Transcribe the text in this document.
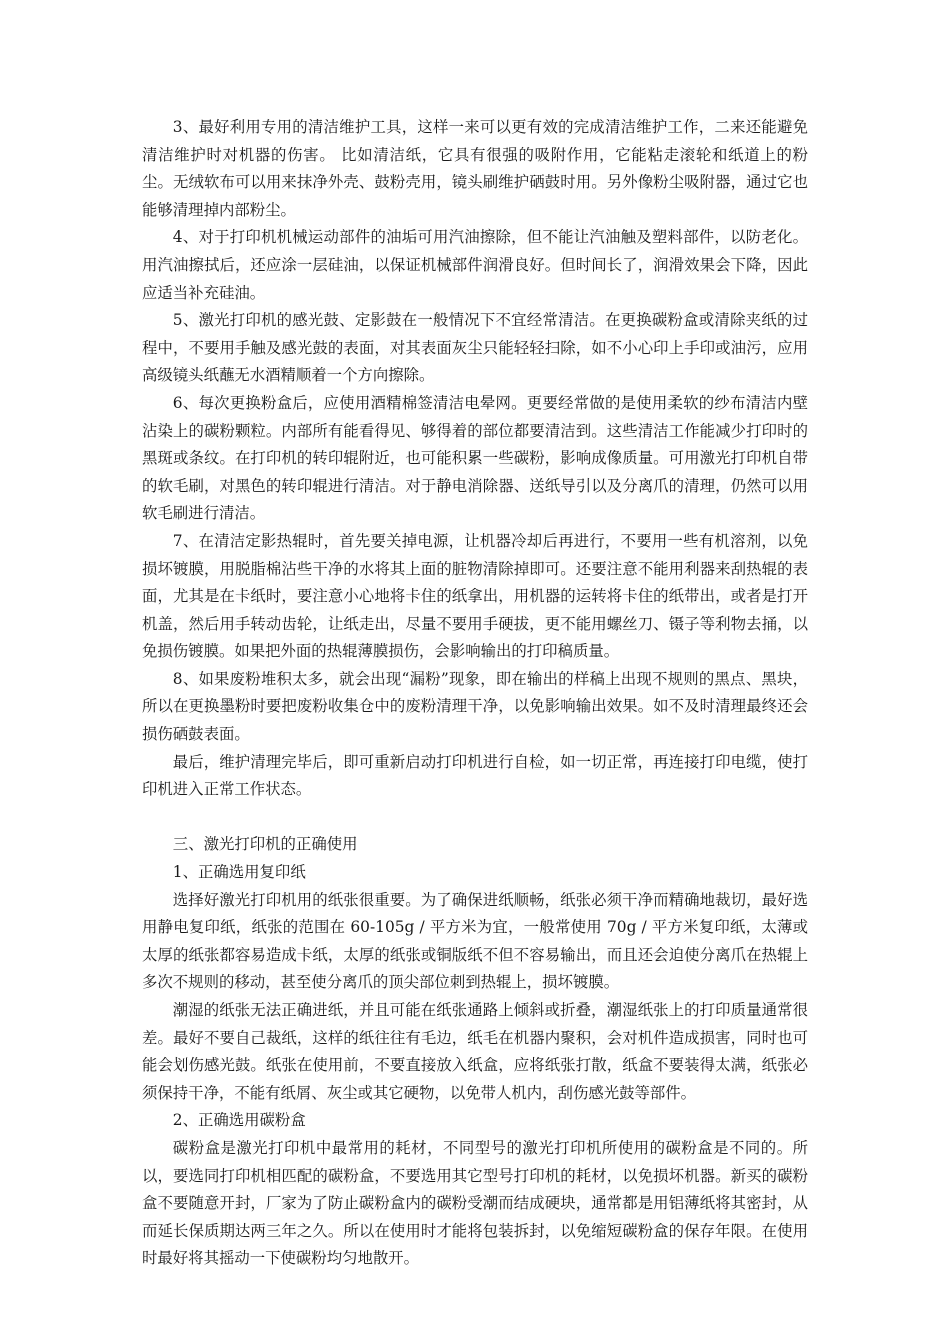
3、最好利用专用的清洁维护工具，这样一来可以更有效的完成清洁维护工作，二来还能避免清洁维护时对机器的伤害。 比如清洁纸，它具有很强的吸附作用，它能粘走滚轮和纸道上的粉尘。无绒软布可以用来抹净外壳、鼓粉壳用，镜头刷维护硒鼓时用。另外像粉尘吸附器，通过它也能够清理掉内部粉尘。

4、对于打印机机械运动部件的油垢可用汽油擦除，但不能让汽油触及塑料部件，以防老化。用汽油擦拭后，还应涂一层硅油，以保证机械部件润滑良好。但时间长了，润滑效果会下降，因此应适当补充硅油。

5、激光打印机的感光鼓、定影鼓在一般情况下不宜经常清洁。在更换碳粉盒或清除夹纸的过程中，不要用手触及感光鼓的表面，对其表面灰尘只能轻轻扫除，如不小心印上手印或油污，应用高级镜头纸蘸无水酒精顺着一个方向擦除。

6、每次更换粉盒后，应使用酒精棉签清洁电晕网。更要经常做的是使用柔软的纱布清洁内壁沾染上的碳粉颗粒。内部所有能看得见、够得着的部位都要清洁到。这些清洁工作能减少打印时的黑斑或条纹。在打印机的转印辊附近，也可能积累一些碳粉，影响成像质量。可用激光打印机自带的软毛刷，对黑色的转印辊进行清洁。对于静电消除器、送纸导引以及分离爪的清理，仍然可以用软毛刷进行清洁。

7、在清洁定影热辊时，首先要关掉电源，让机器冷却后再进行，不要用一些有机溶剂，以免损坏镀膜，用脱脂棉沾些干净的水将其上面的脏物清除掉即可。还要注意不能用利器来刮热辊的表面，尤其是在卡纸时，要注意小心地将卡住的纸拿出，用机器的运转将卡住的纸带出，或者是打开机盖，然后用手转动齿轮，让纸走出，尽量不要用手硬拔，更不能用螺丝刀、镊子等利物去捅，以免损伤镀膜。如果把外面的热辊薄膜损伤，会影响输出的打印稿质量。

8、如果废粉堆积太多，就会出现“漏粉”现象，即在输出的样稿上出现不规则的黑点、黑块，所以在更换墨粉时要把废粉收集仓中的废粉清理干净，以免影响输出效果。如不及时清理最终还会损伤硒鼓表面。

最后，维护清理完毕后，即可重新启动打印机进行自检，如一切正常，再连接打印电缆，使打印机进入正常工作状态。

三、激光打印机的正确使用

1、正确选用复印纸

选择好激光打印机用的纸张很重要。为了确保进纸顺畅，纸张必须干净而精确地裁切，最好选用静电复印纸，纸张的范围在 60-105g / 平方米为宜，一般常使用 70g / 平方米复印纸，太薄或太厚的纸张都容易造成卡纸，太厚的纸张或铜版纸不但不容易输出，而且还会迫使分离爪在热辊上多次不规则的移动，甚至使分离爪的顶尖部位刺到热辊上，损坏镀膜。

潮湿的纸张无法正确进纸，并且可能在纸张通路上倾斜或折叠，潮湿纸张上的打印质量通常很差。最好不要自己裁纸，这样的纸往往有毛边，纸毛在机器内聚积，会对机件造成损害，同时也可能会划伤感光鼓。纸张在使用前，不要直接放入纸盒，应将纸张打散，纸盒不要装得太满，纸张必须保持干净，不能有纸屑、灰尘或其它硬物，以免带人机内，刮伤感光鼓等部件。

2、正确选用碳粉盒

碳粉盒是激光打印机中最常用的耗材，不同型号的激光打印机所使用的碳粉盒是不同的。所以，要选同打印机相匹配的碳粉盒，不要选用其它型号打印机的耗材，以免损坏机器。新买的碳粉盒不要随意开封，厂家为了防止碳粉盒内的碳粉受潮而结成硬块，通常都是用铝薄纸将其密封，从而延长保质期达两三年之久。所以在使用时才能将包装拆封，以免缩短碳粉盒的保存年限。在使用时最好将其摇动一下使碳粉均匀地散开。
